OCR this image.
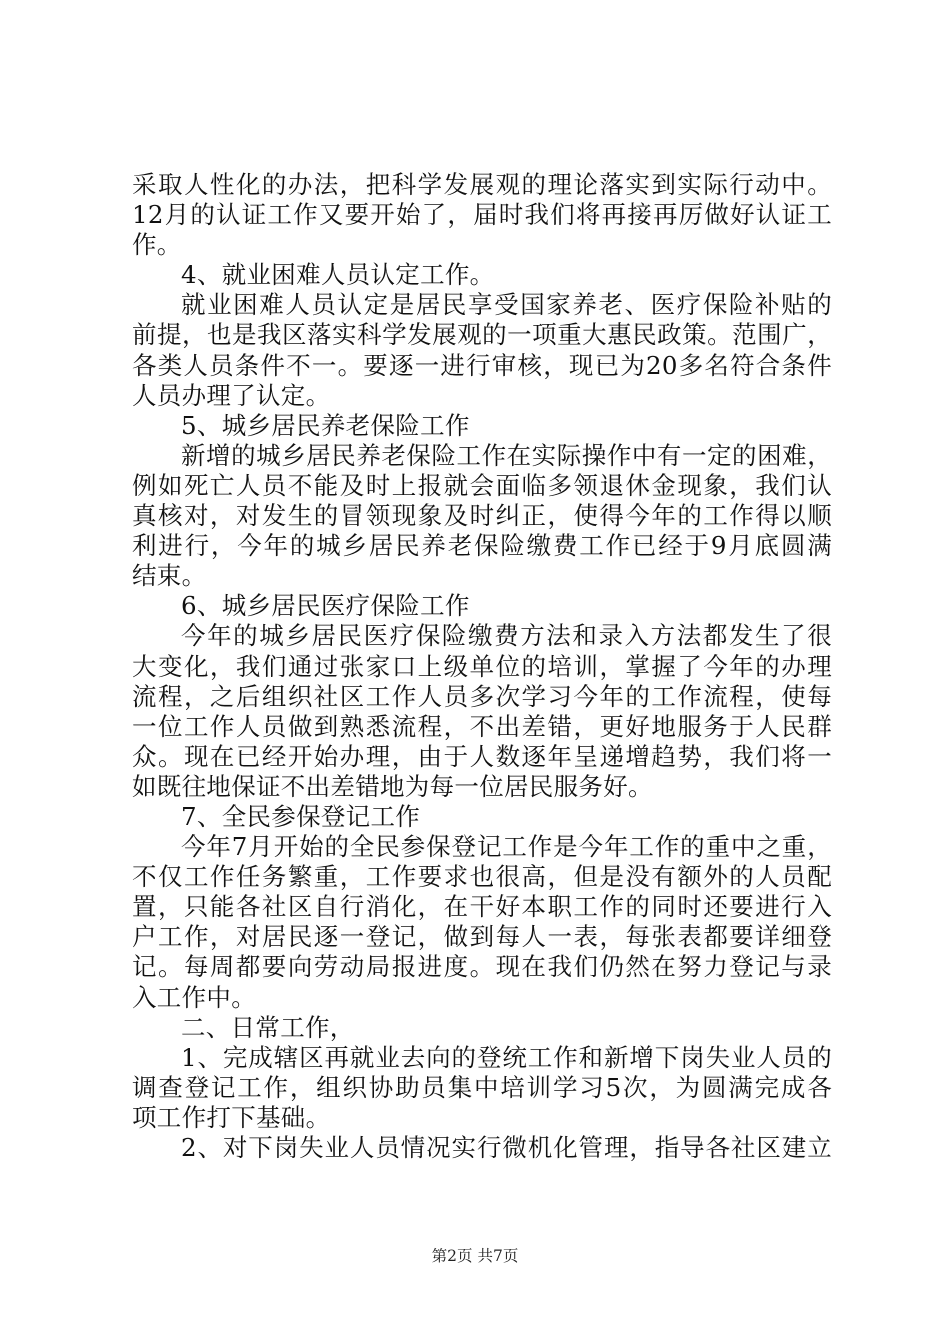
采取人性化的办法，把科学发展观的理论落实到实际行动中。
12月的认证工作又要开始了，届时我们将再接再厉做好认证工
作。
4、就业困难人员认定工作。
就业困难人员认定是居民享受国家养老、医疗保险补贴的
前提，也是我区落实科学发展观的一项重大惠民政策。范围广，
各类人员条件不一。要逐一进行审核，现已为20多名符合条件
人员办理了认定。
5、城乡居民养老保险工作
新增的城乡居民养老保险工作在实际操作中有一定的困难，
例如死亡人员不能及时上报就会面临多领退休金现象，我们认
真核对，对发生的冒领现象及时纠正，使得今年的工作得以顺
利进行，今年的城乡居民养老保险缴费工作已经于9月底圆满
结束。
6、城乡居民医疗保险工作
今年的城乡居民医疗保险缴费方法和录入方法都发生了很
大变化，我们通过张家口上级单位的培训，掌握了今年的办理
流程，之后组织社区工作人员多次学习今年的工作流程，使每
一位工作人员做到熟悉流程，不出差错，更好地服务于人民群
众。现在已经开始办理，由于人数逐年呈递增趋势，我们将一
如既往地保证不出差错地为每一位居民服务好。
7、全民参保登记工作
今年7月开始的全民参保登记工作是今年工作的重中之重，
不仅工作任务繁重，工作要求也很高，但是没有额外的人员配
置，只能各社区自行消化，在干好本职工作的同时还要进行入
户工作，对居民逐一登记，做到每人一表，每张表都要详细登
记。每周都要向劳动局报进度。现在我们仍然在努力登记与录
入工作中。
二、日常工作，
1、完成辖区再就业去向的登统工作和新增下岗失业人员的
调查登记工作，组织协助员集中培训学习5次，为圆满完成各
项工作打下基础。
2、对下岗失业人员情况实行微机化管理，指导各社区建立
第2页 共7页
